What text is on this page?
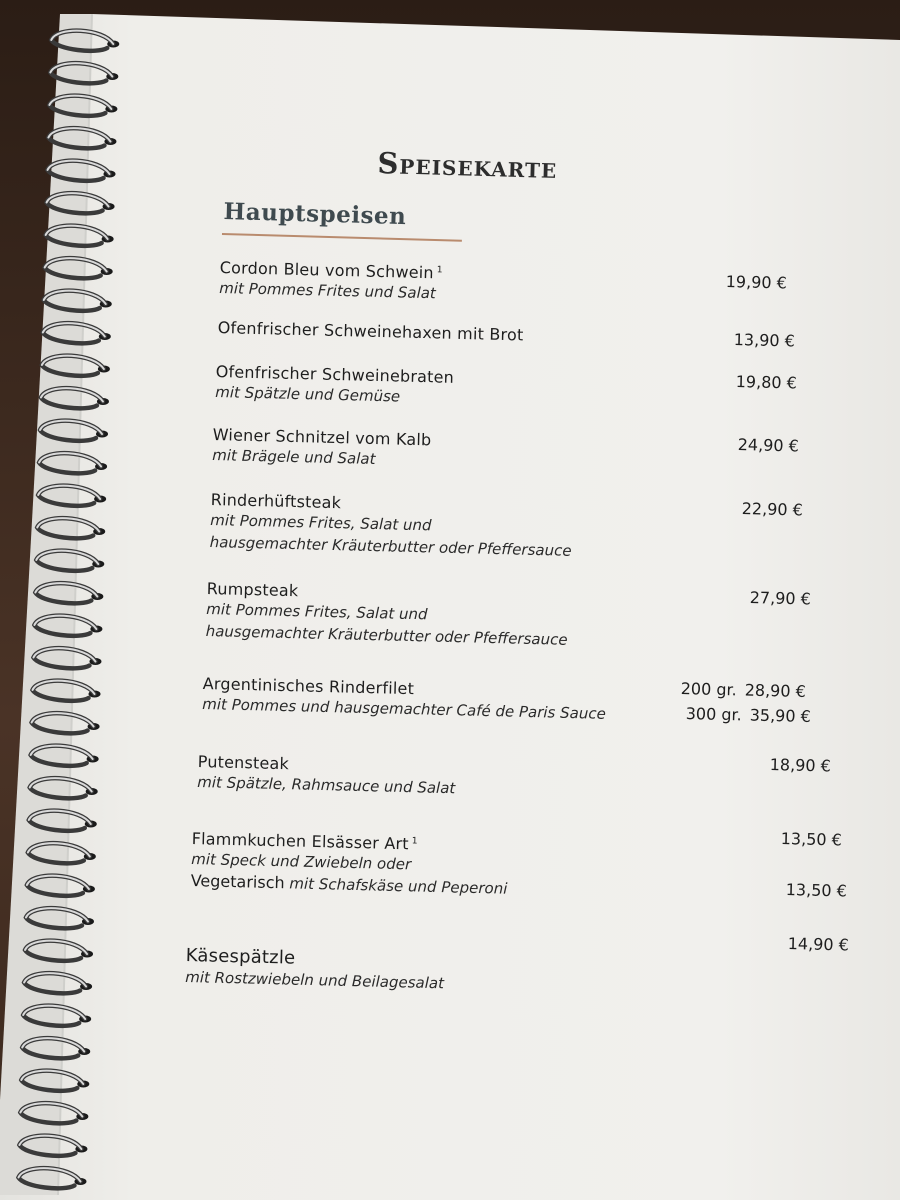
Speisekarte
Hauptspeisen
Cordon Bleu vom Schwein $^1$
mit Pommes Frites und Salat	19,90 €
Ofenfrischer Schweinehaxen mit Brot	13,90 €
Ofenfrischer Schweinebraten
mit Spätzle und Gemüse
19,80 €
Wiener Schnitzel vom Kalb
mit Brägele und Salat
24,90 €
Rinderhüftsteak
mit Pommes Frites, Salat und
hausgemachter Kräuterbutter oder Pfeffersauce
22,90 €
Rumpsteak
mit Pommes Frites, Salat und
hausgemachter Kräuterbutter oder Pfeffersauce
27,90 €
Argentinisches Rinderfilet
mit Pommes und hausgemachter Café de Paris Sauce
200 gr. 28,90 €
300 gr. 35,90 €
Putensteak
mit Spätzle, Rahmsauce und Salat
18,90 €
Flammkuchen Elsässer Art $^1$
mit Speck und Zwiebeln oder
Vegetarisch mit Schafskäse und Peperoni
13,50 €
13,50 €
Käsespätzle
mit Rostzwiebeln und Beilagesalat
14,90 €
